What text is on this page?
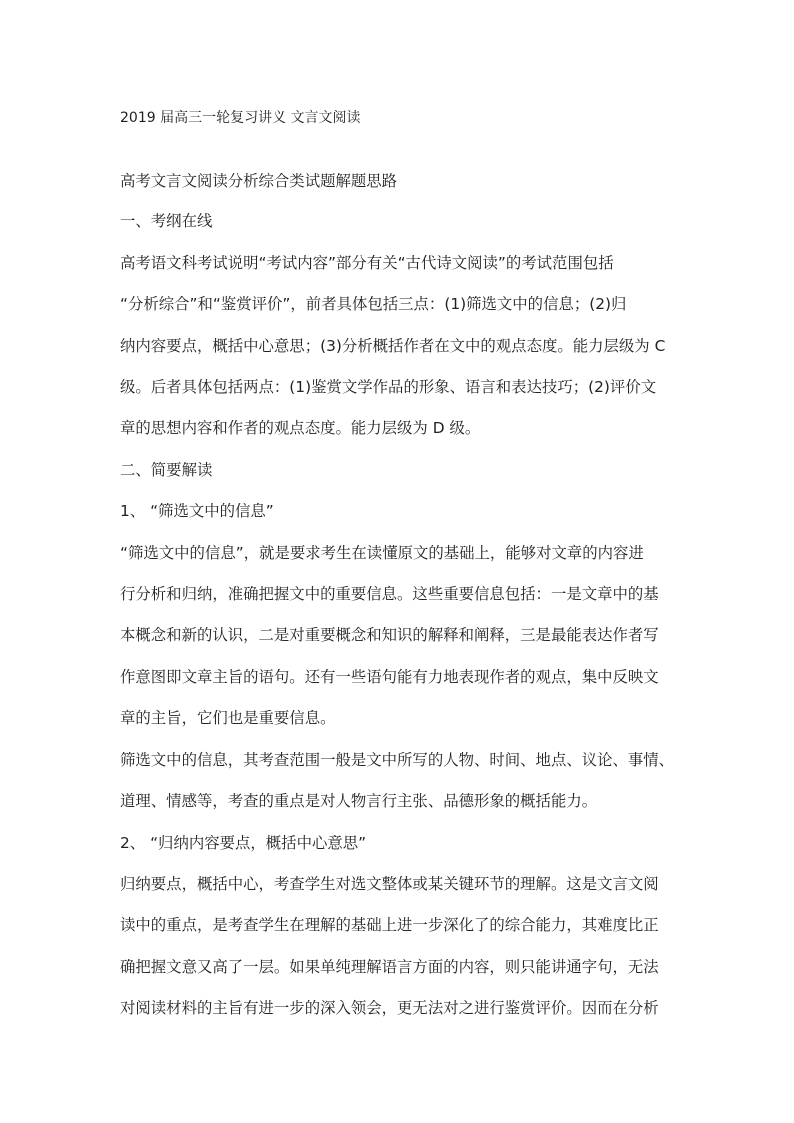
2019 届高三一轮复习讲义 文言文阅读
高考文言文阅读分析综合类试题解题思路
一、考纲在线
高考语文科考试说明“考试内容”部分有关“古代诗文阅读”的考试范围包括
“分析综合”和“鉴赏评价”，前者具体包括三点：(1)筛选文中的信息；(2)归
纳内容要点，概括中心意思；(3)分析概括作者在文中的观点态度。能力层级为 C
级。后者具体包括两点：(1)鉴赏文学作品的形象、语言和表达技巧；(2)评价文
章的思想内容和作者的观点态度。能力层级为 D 级。
二、简要解读
1、 “筛选文中的信息”
“筛选文中的信息”，就是要求考生在读懂原文的基础上，能够对文章的内容进
行分析和归纳，准确把握文中的重要信息。这些重要信息包括：一是文章中的基
本概念和新的认识，二是对重要概念和知识的解释和阐释，三是最能表达作者写
作意图即文章主旨的语句。还有一些语句能有力地表现作者的观点，集中反映文
章的主旨，它们也是重要信息。
筛选文中的信息，其考查范围一般是文中所写的人物、时间、地点、议论、事情、
道理、情感等，考查的重点是对人物言行主张、品德形象的概括能力。
2、 “归纳内容要点，概括中心意思”
归纳要点，概括中心，考查学生对选文整体或某关键环节的理解。这是文言文阅
读中的重点，是考查学生在理解的基础上进一步深化了的综合能力，其难度比正
确把握文意又高了一层。如果单纯理解语言方面的内容，则只能讲通字句，无法
对阅读材料的主旨有进一步的深入领会，更无法对之进行鉴赏评价。因而在分析
